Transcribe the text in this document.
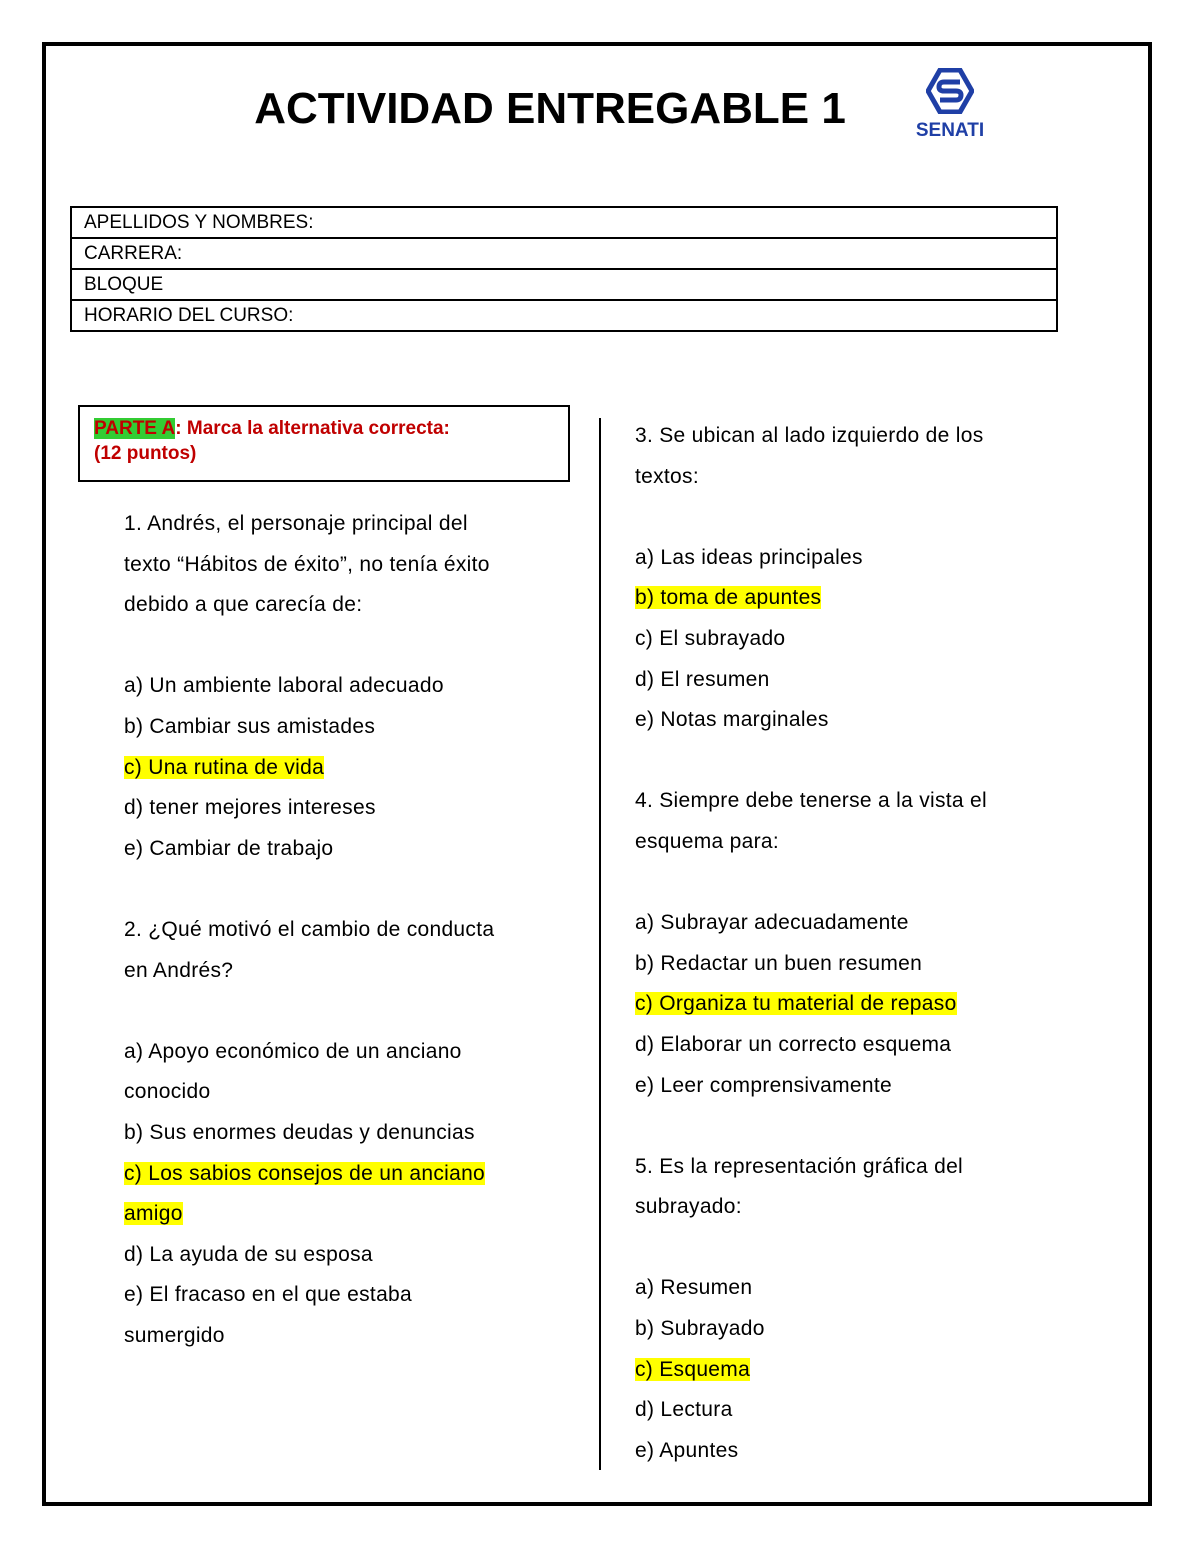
ACTIVIDAD ENTREGABLE 1	SENATI
APELLIDOS Y NOMBRES:
CARRERA:
BLOQUE
HORARIO DEL CURSO:
PARTE A: Marca la alternativa correcta:
(12 puntos)
1. Andrés, el personaje principal del
texto “Hábitos de éxito”, no tenía éxito
debido a que carecía de:
a) Un ambiente laboral adecuado
b) Cambiar sus amistades
c) Una rutina de vida
d) tener mejores intereses
e) Cambiar de trabajo
2. ¿Qué motivó el cambio de conducta
en Andrés?
a) Apoyo económico de un anciano
conocido
b) Sus enormes deudas y denuncias
c) Los sabios consejos de un anciano
amigo
d) La ayuda de su esposa
e) El fracaso en el que estaba
sumergido
3. Se ubican al lado izquierdo de los
textos:
a) Las ideas principales
b) toma de apuntes
c) El subrayado
d) El resumen
e) Notas marginales
4. Siempre debe tenerse a la vista el
esquema para:
a) Subrayar adecuadamente
b) Redactar un buen resumen
c) Organiza tu material de repaso
d) Elaborar un correcto esquema
e) Leer comprensivamente
5. Es la representación gráfica del
subrayado:
a) Resumen
b) Subrayado
c) Esquema
d) Lectura
e) Apuntes
